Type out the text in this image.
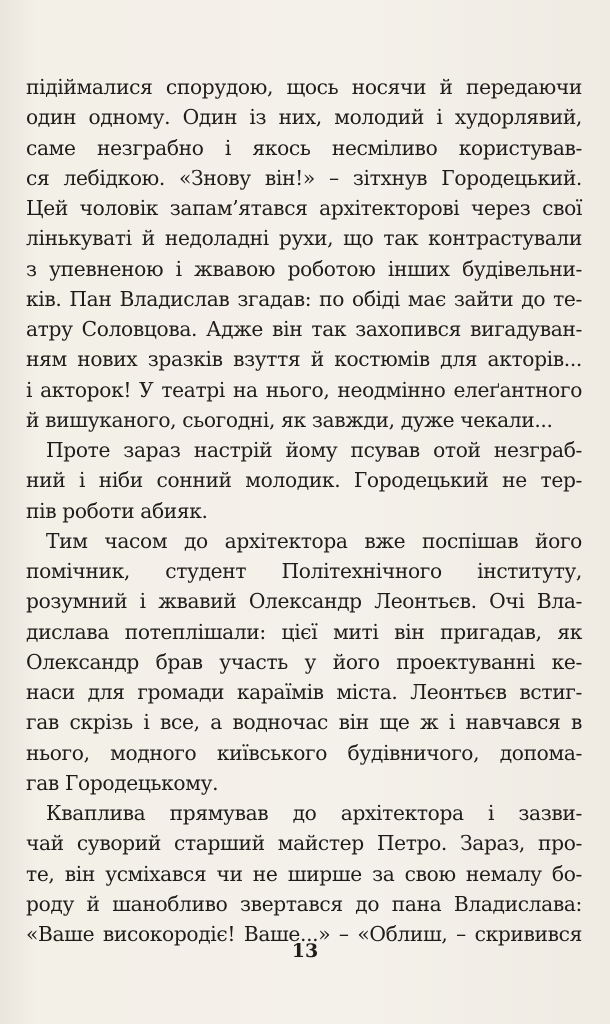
підіймалися спорудою, щось носячи й передаючи
один одному. Один із них, молодий і худорлявий,
саме незграбно і якось несміливо користував-
ся лебідкою. «Знову він!» – зітхнув Городецький.
Цей чоловік запам’ятався архітекторові через свої
лінькуваті й недоладні рухи, що так контрастували
з упевненою і жвавою роботою інших будівельни-
ків. Пан Владислав згадав: по обіді має зайти до те-
атру Соловцова. Адже він так захопився вигадуван-
ням нових зразків взуття й костюмів для акторів...
і акторок! У театрі на нього, неодмінно елеґантного
й вишуканого, сьогодні, як завжди, дуже чекали...
Проте зараз настрій йому псував отой незграб-
ний і ніби сонний молодик. Городецький не тер-
пів роботи абияк.
Тим часом до архітектора вже поспішав його
помічник, студент Політехнічного інституту,
розумний і жвавий Олександр Леонтьєв. Очі Вла-
дислава потеплішали: цієї миті він пригадав, як
Олександр брав участь у його проектуванні ке-
наси для громади караїмів міста. Леонтьєв встиг-
гав скрізь і все, а водночас він ще ж і навчався в
нього, модного київського будівничого, допома-
гав Городецькому.
Кваплива прямував до архітектора і зазви-
чай суворий старший майстер Петро. Зараз, про-
те, він усміхався чи не ширше за свою немалу бо-
роду й шанобливо звертався до пана Владислава:
«Ваше високородіє! Ваше...» – «Облиш, – скривився
13
